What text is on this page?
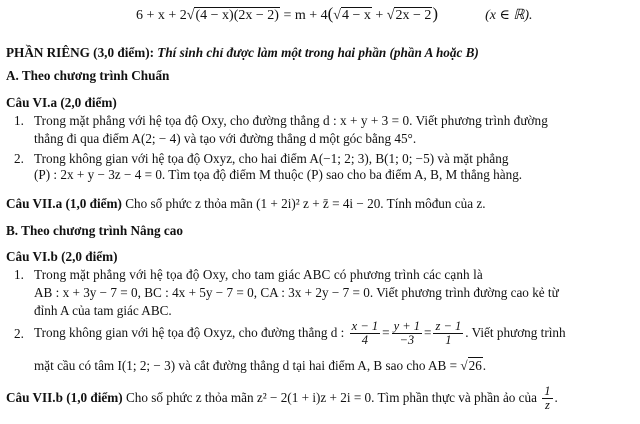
6 + x + 2√(4 − x)(2x − 2) = m + 4(√4 − x + √2x − 2)	(x ∈ ℝ).
PHẦN RIÊNG (3,0 điểm): Thí sinh chỉ được làm một trong hai phần (phần A hoặc B)
A. Theo chương trình Chuẩn
Câu VI.a (2,0 điểm)
1. Trong mặt phẳng với hệ tọa độ Oxy, cho đường thẳng d : x + y + 3 = 0. Viết phương trình đường
thẳng đi qua điểm A(2; − 4) và tạo với đường thẳng d một góc bằng 45°.
2. Trong không gian với hệ tọa độ Oxyz, cho hai điểm A(−1; 2; 3), B(1; 0; −5) và mặt phẳng
(P) : 2x + y − 3z − 4 = 0. Tìm tọa độ điểm M thuộc (P) sao cho ba điểm A, B, M thẳng hàng.
Câu VII.a (1,0 điểm) Cho số phức z thỏa mãn (1 + 2i)² z + z̄ = 4i − 20. Tính môđun của z.
B. Theo chương trình Nâng cao
Câu VI.b (2,0 điểm)
1. Trong mặt phẳng với hệ tọa độ Oxy, cho tam giác ABC có phương trình các cạnh là
AB : x + 3y − 7 = 0, BC : 4x + 5y − 7 = 0, CA : 3x + 2y − 7 = 0. Viết phương trình đường cao kẻ từ
đỉnh A của tam giác ABC.
2. Trong không gian với hệ tọa độ Oxyz, cho đường thẳng d : $\frac{x - 1}{4} = \frac{y + 1}{-3} = \frac{z - 1}{1}$ . Viết phương trình
mặt cầu có tâm I(1; 2; − 3) và cắt đường thẳng d tại hai điểm A, B sao cho AB = √26.
Câu VII.b (1,0 điểm) Cho số phức z thỏa mãn z² − 2(1 + i)z + 2i = 0. Tìm phần thực và phần ảo của $\frac{1}{z}$ .
